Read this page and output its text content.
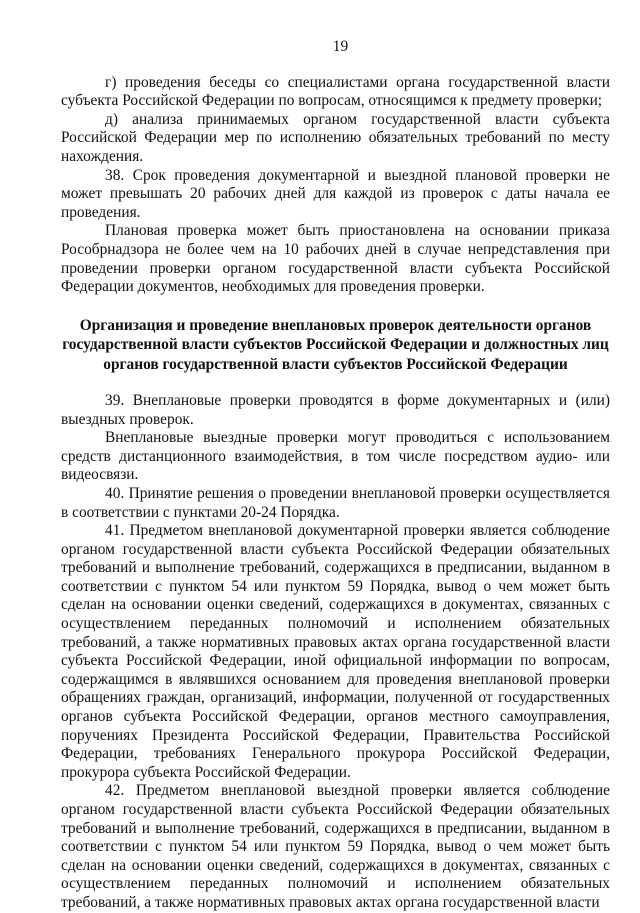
19

г) проведения беседы со специалистами органа государственной власти субъекта Российской Федерации по вопросам, относящимся к предмету проверки;

д) анализа принимаемых органом государственной власти субъекта Российской Федерации мер по исполнению обязательных требований по месту нахождения.

38. Срок проведения документарной и выездной плановой проверки не может превышать 20 рабочих дней для каждой из проверок с даты начала ее проведения.

Плановая проверка может быть приостановлена на основании приказа Рособрнадзора не более чем на 10 рабочих дней в случае непредставления при проведении проверки органом государственной власти субъекта Российской Федерации документов, необходимых для проведения проверки.

Организация и проведение внеплановых проверок деятельности органов
государственной власти субъектов Российской Федерации и должностных лиц
органов государственной власти субъектов Российской Федерации

39. Внеплановые проверки проводятся в форме документарных и (или) выездных проверок.

Внеплановые выездные проверки могут проводиться с использованием средств дистанционного взаимодействия, в том числе посредством аудио- или видеосвязи.

40. Принятие решения о проведении внеплановой проверки осуществляется в соответствии с пунктами 20-24 Порядка.

41. Предметом внеплановой документарной проверки является соблюдение органом государственной власти субъекта Российской Федерации обязательных требований и выполнение требований, содержащихся в предписании, выданном в соответствии с пунктом 54 или пунктом 59 Порядка, вывод о чем может быть сделан на основании оценки сведений, содержащихся в документах, связанных с осуществлением переданных полномочий и исполнением обязательных требований, а также нормативных правовых актах органа государственной власти субъекта Российской Федерации, иной официальной информации по вопросам, содержащимся в являвшихся основанием для проведения внеплановой проверки обращениях граждан, организаций, информации, полученной от государственных органов субъекта Российской Федерации, органов местного самоуправления, поручениях Президента Российской Федерации, Правительства Российской Федерации, требованиях Генерального прокурора Российской Федерации, прокурора субъекта Российской Федерации.

42. Предметом внеплановой выездной проверки является соблюдение органом государственной власти субъекта Российской Федерации обязательных требований и выполнение требований, содержащихся в предписании, выданном в соответствии с пунктом 54 или пунктом 59 Порядка, вывод о чем может быть сделан на основании оценки сведений, содержащихся в документах, связанных с осуществлением переданных полномочий и исполнением обязательных требований, а также нормативных правовых актах органа государственной власти
